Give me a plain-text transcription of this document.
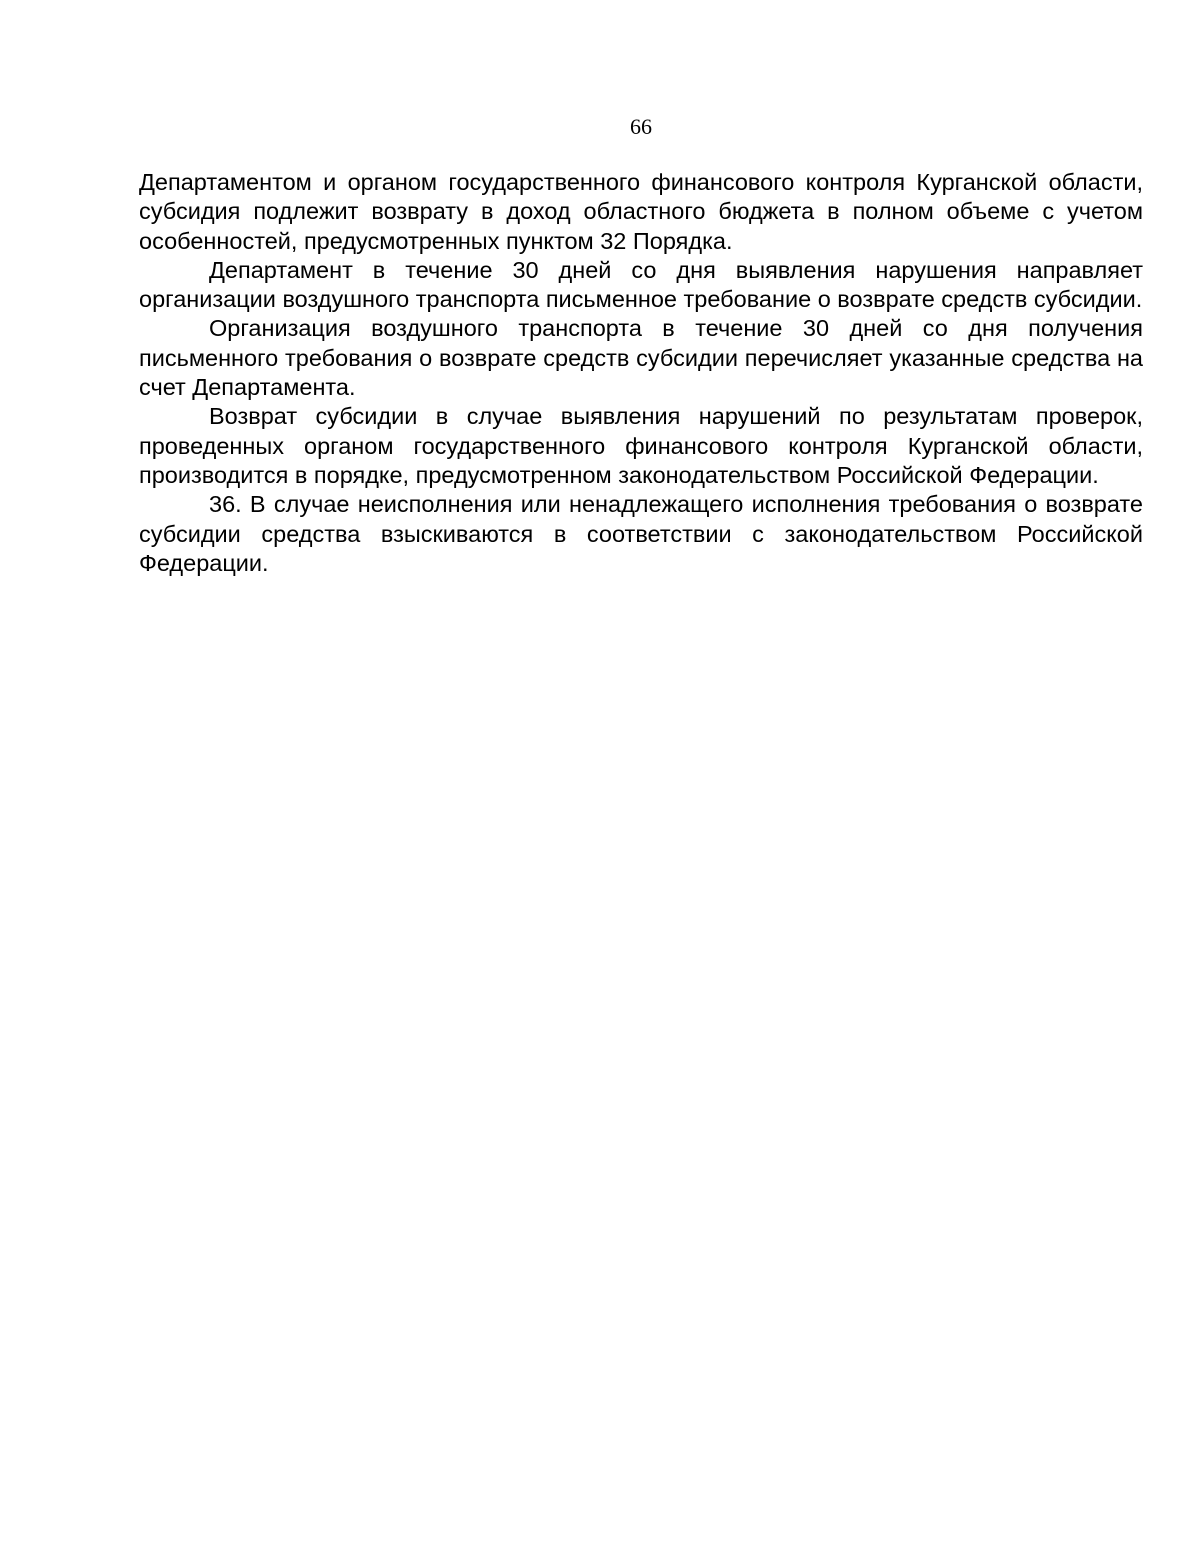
66

Департаментом и органом государственного финансового контроля Курганской области, субсидия подлежит возврату в доход областного бюджета в полном объеме с учетом особенностей, предусмотренных пунктом 32 Порядка.

Департамент в течение 30 дней со дня выявления нарушения направляет организации воздушного транспорта письменное требование о возврате средств субсидии.

Организация воздушного транспорта в течение 30 дней со дня получения письменного требования о возврате средств субсидии перечисляет указанные средства на счет Департамента.

Возврат субсидии в случае выявления нарушений по результатам проверок, проведенных органом государственного финансового контроля Курганской области, производится в порядке, предусмотренном законодательством Российской Федерации.

36. В случае неисполнения или ненадлежащего исполнения требования о возврате субсидии средства взыскиваются в соответствии с законодательством Российской Федерации.
